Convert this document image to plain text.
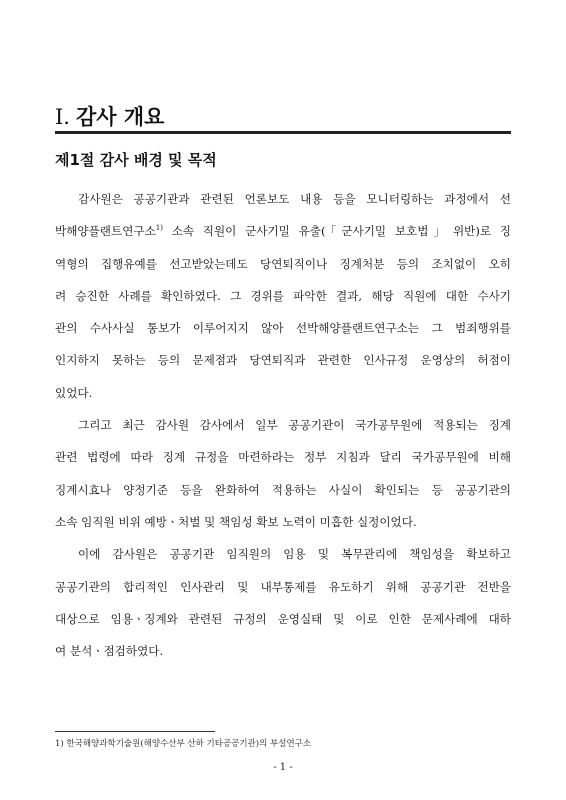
Ⅰ. 감사 개요
제1절 감사 배경 및 목적
감사원은 공공기관과 관련된 언론보도 내용 등을 모니터링하는 과정에서 선
박해양플랜트연구소$^{1)}$ 소속 직원이 군사기밀 유출(｢군사기밀 보호법｣ 위반)로 징
역형의 집행유예를 선고받았는데도 당연퇴직이나 징계처분 등의 조치없이 오히
려 승진한 사례를 확인하였다. 그 경위를 파악한 결과, 해당 직원에 대한 수사기
관의 수사사실 통보가 이루어지지 않아 선박해양플랜트연구소는 그 범죄행위를
인지하지 못하는 등의 문제점과 당연퇴직과 관련한 인사규정 운영상의 허점이
있었다.
그리고 최근 감사원 감사에서 일부 공공기관이 국가공무원에 적용되는 징계
관련 법령에 따라 징계 규정을 마련하라는 정부 지침과 달리 국가공무원에 비해
징계시효나 양정기준 등을 완화하여 적용하는 사실이 확인되는 등 공공기관의
소속 임직원 비위 예방ㆍ처벌 및 책임성 확보 노력이 미흡한 실정이었다.
이에 감사원은 공공기관 임직원의 임용 및 복무관리에 책임성을 확보하고
공공기관의 합리적인 인사관리 및 내부통제를 유도하기 위해 공공기관 전반을
대상으로 임용ㆍ징계와 관련된 규정의 운영실태 및 이로 인한 문제사례에 대하
여 분석ㆍ점검하였다.

1) 한국해양과학기술원(해양수산부 산하 기타공공기관)의 부설연구소

- 1 -
